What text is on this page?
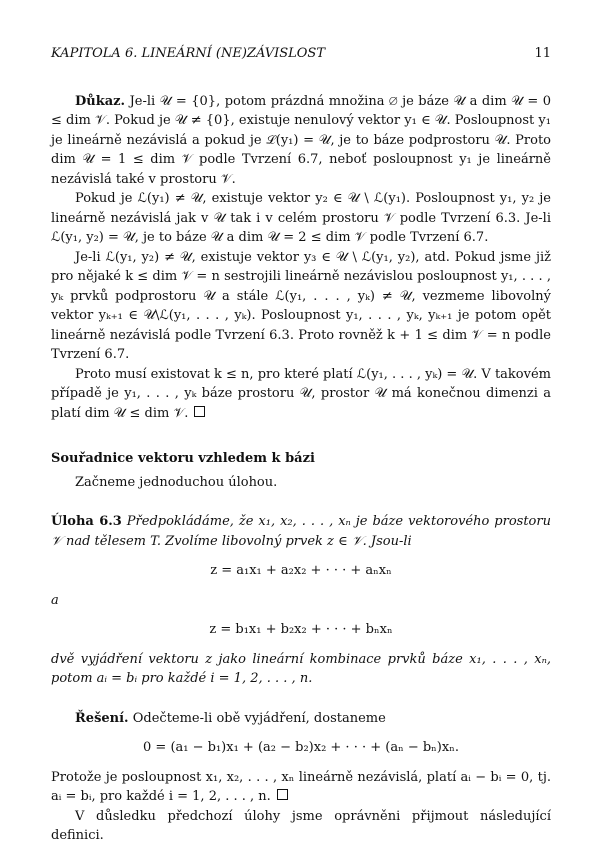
KAPITOLA 6. LINEÁRNÍ (NE)ZÁVISLOST	11

Důkaz. Je-li 𝒰 = {0}, potom prázdná množina ∅ je báze 𝒰 a dim 𝒰 = 0 ≤ dim 𝒱. Pokud je 𝒰 ≠ {0}, existuje nenulový vektor y₁ ∈ 𝒰. Posloupnost y₁ je lineárně nezávislá a pokud je ℒ(y₁) = 𝒰, je to báze podprostoru 𝒰. Proto dim 𝒰 = 1 ≤ dim 𝒱 podle Tvrzení 6.7, neboť posloupnost y₁ je lineárně nezávislá také v prostoru 𝒱.

Pokud je ℒ(y₁) ≠ 𝒰, existuje vektor y₂ ∈ 𝒰 \ ℒ(y₁). Posloupnost y₁, y₂ je lineárně nezávislá jak v 𝒰 tak i v celém prostoru 𝒱 podle Tvrzení 6.3. Je-li ℒ(y₁, y₂) = 𝒰, je to báze 𝒰 a dim 𝒰 = 2 ≤ dim 𝒱 podle Tvrzení 6.7.

Je-li ℒ(y₁, y₂) ≠ 𝒰, existuje vektor y₃ ∈ 𝒰 \ ℒ(y₁, y₂), atd. Pokud jsme již pro nějaké k ≤ dim 𝒱 = n sestrojili lineárně nezávislou posloupnost y₁, . . . , yₖ prvků podprostoru 𝒰 a stále ℒ(y₁, . . . , yₖ) ≠ 𝒰, vezmeme libovolný vektor yₖ₊₁ ∈ 𝒰\ℒ(y₁, . . . , yₖ). Posloupnost y₁, . . . , yₖ, yₖ₊₁ je potom opět lineárně nezávislá podle Tvrzení 6.3. Proto rovněž k + 1 ≤ dim 𝒱 = n podle Tvrzení 6.7.

Proto musí existovat k ≤ n, pro které platí ℒ(y₁, . . . , yₖ) = 𝒰. V takovém případě je y₁, . . . , yₖ báze prostoru 𝒰, prostor 𝒰 má konečnou dimenzi a platí dim 𝒰 ≤ dim 𝒱.

Souřadnice vektoru vzhledem k bázi

Začneme jednoduchou úlohou.

Úloha 6.3 Předpokládáme, že x₁, x₂, . . . , xₙ je báze vektorového prostoru 𝒱 nad tělesem T. Zvolíme libovolný prvek z ∈ 𝒱. Jsou-li

z = a₁x₁ + a₂x₂ + · · · + aₙxₙ
a
z = b₁x₁ + b₂x₂ + · · · + bₙxₙ

dvě vyjádření vektoru z jako lineární kombinace prvků báze x₁, . . . , xₙ, potom aᵢ = bᵢ pro každé i = 1, 2, . . . , n.

Řešení. Odečteme-li obě vyjádření, dostaneme

0 = (a₁ − b₁)x₁ + (a₂ − b₂)x₂ + · · · + (aₙ − bₙ)xₙ.

Protože je posloupnost x₁, x₂, . . . , xₙ lineárně nezávislá, platí aᵢ − bᵢ = 0, tj. aᵢ = bᵢ, pro každé i = 1, 2, . . . , n.

V důsledku předchozí úlohy jsme oprávněni přijmout následující definici.
